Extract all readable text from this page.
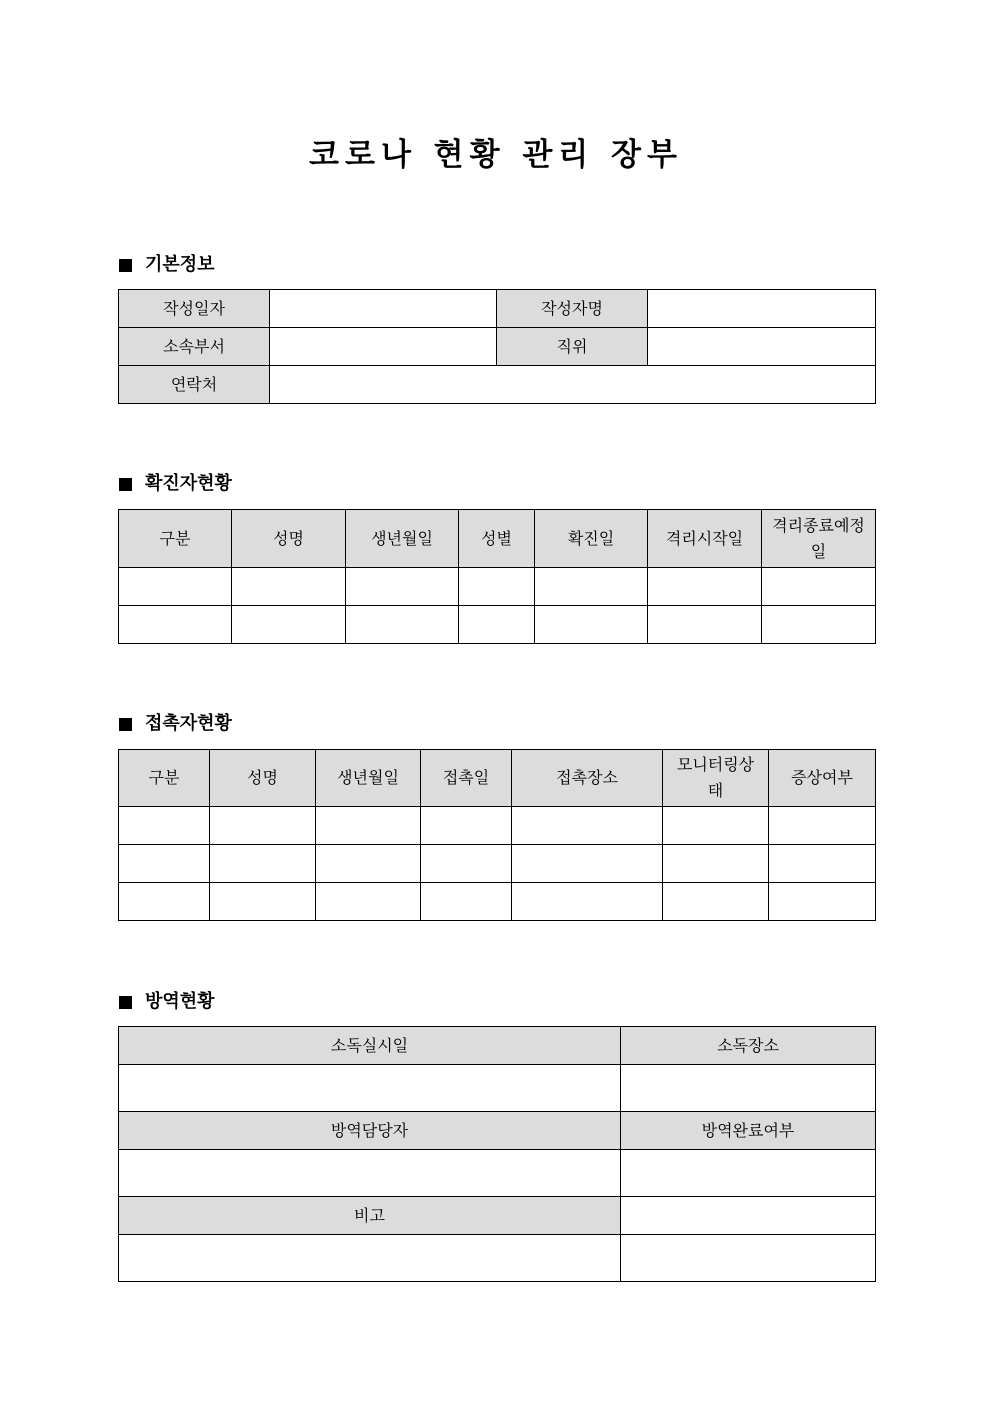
코로나 현황 관리 장부
기본정보
작성일자		작성자명	
소속부서		직위	
연락처			
확진자현황
구분	성명	생년월일	성별	확진일	격리시작일	격리종료예정일

접촉자현황
구분	성명	생년월일	접촉일	접촉장소	모니터링상태	증상여부

방역현황
소독실시일	소독장소

방역담당자	방역완료여부

비고	
